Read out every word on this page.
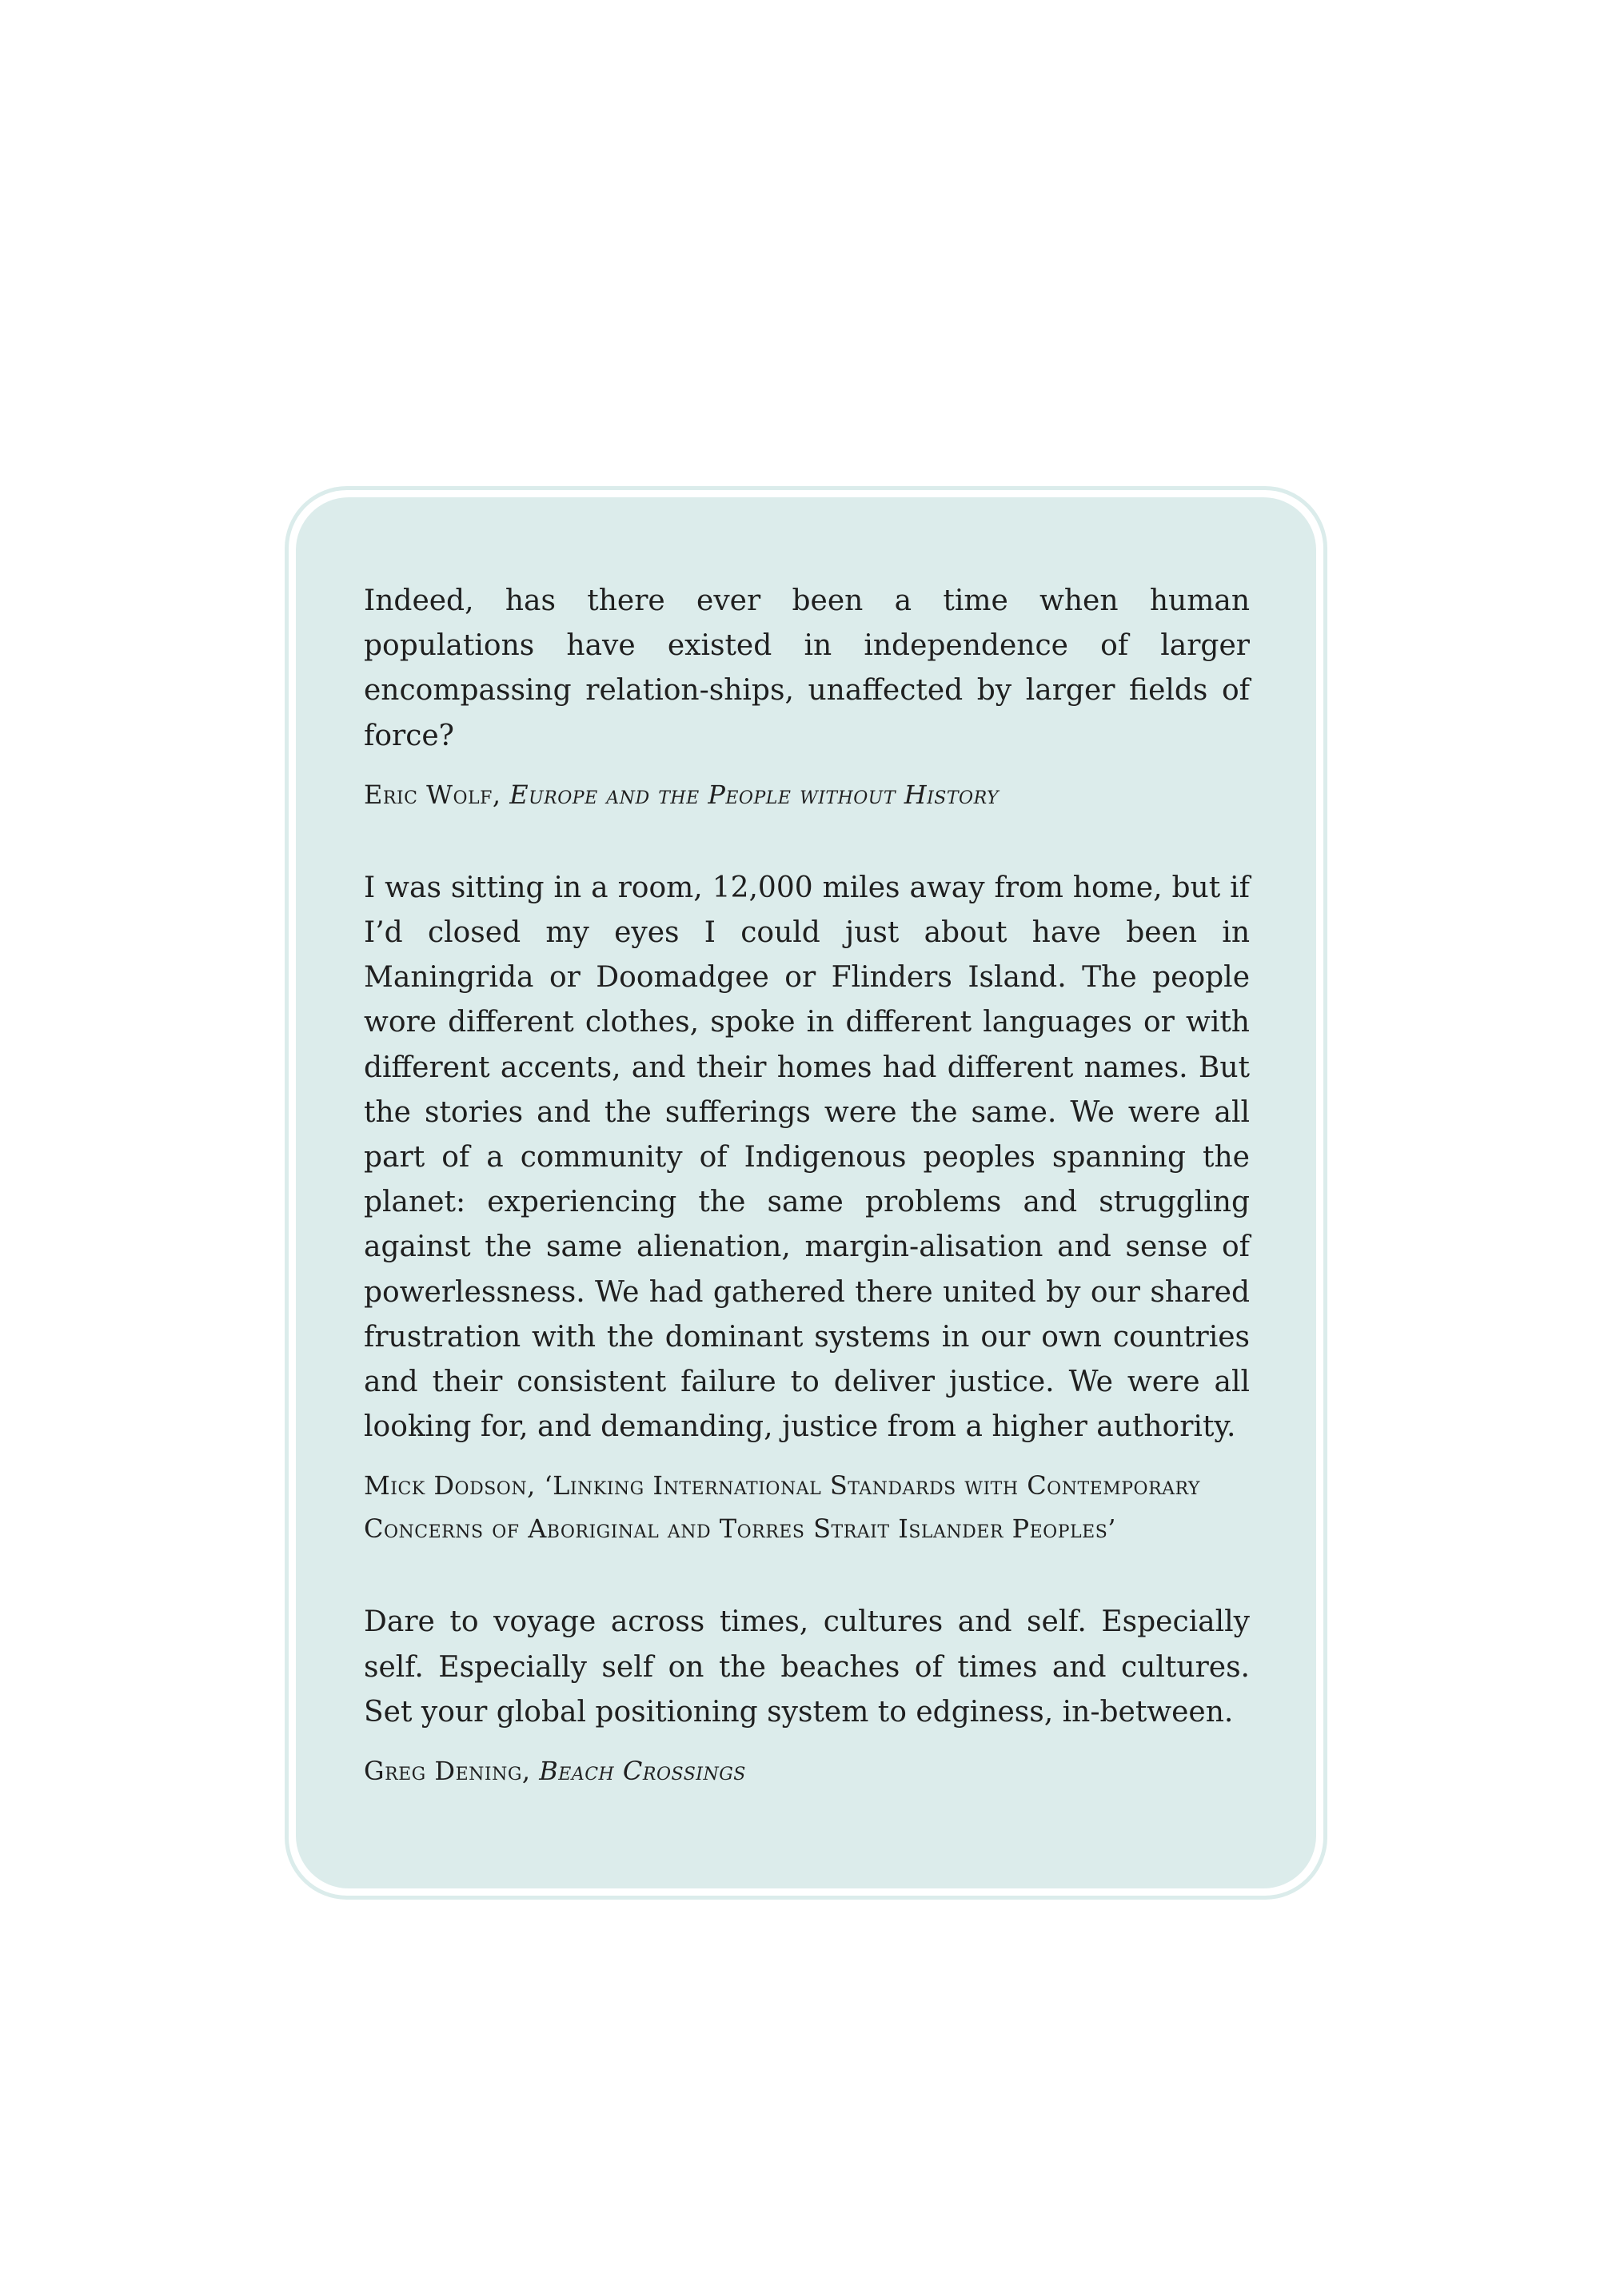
Indeed, has there ever been a time when human populations have existed in independence of larger encompassing relation-ships, unaffected by larger fields of force?

Eric Wolf, Europe and the People without History

I was sitting in a room, 12,000 miles away from home, but if I’d closed my eyes I could just about have been in Maningrida or Doomadgee or Flinders Island. The people wore different clothes, spoke in different languages or with different accents, and their homes had different names. But the stories and the sufferings were the same. We were all part of a community of Indigenous peoples spanning the planet: experiencing the same problems and struggling against the same alienation, margin-alisation and sense of powerlessness. We had gathered there united by our shared frustration with the dominant systems in our own countries and their consistent failure to deliver justice. We were all looking for, and demanding, justice from a higher authority.

Mick Dodson, ‘Linking International Standards with Contemporary Concerns of Aboriginal and Torres Strait Islander Peoples’

Dare to voyage across times, cultures and self. Especially self. Especially self on the beaches of times and cultures. Set your global positioning system to edginess, in-between.

Greg Dening, Beach Crossings
